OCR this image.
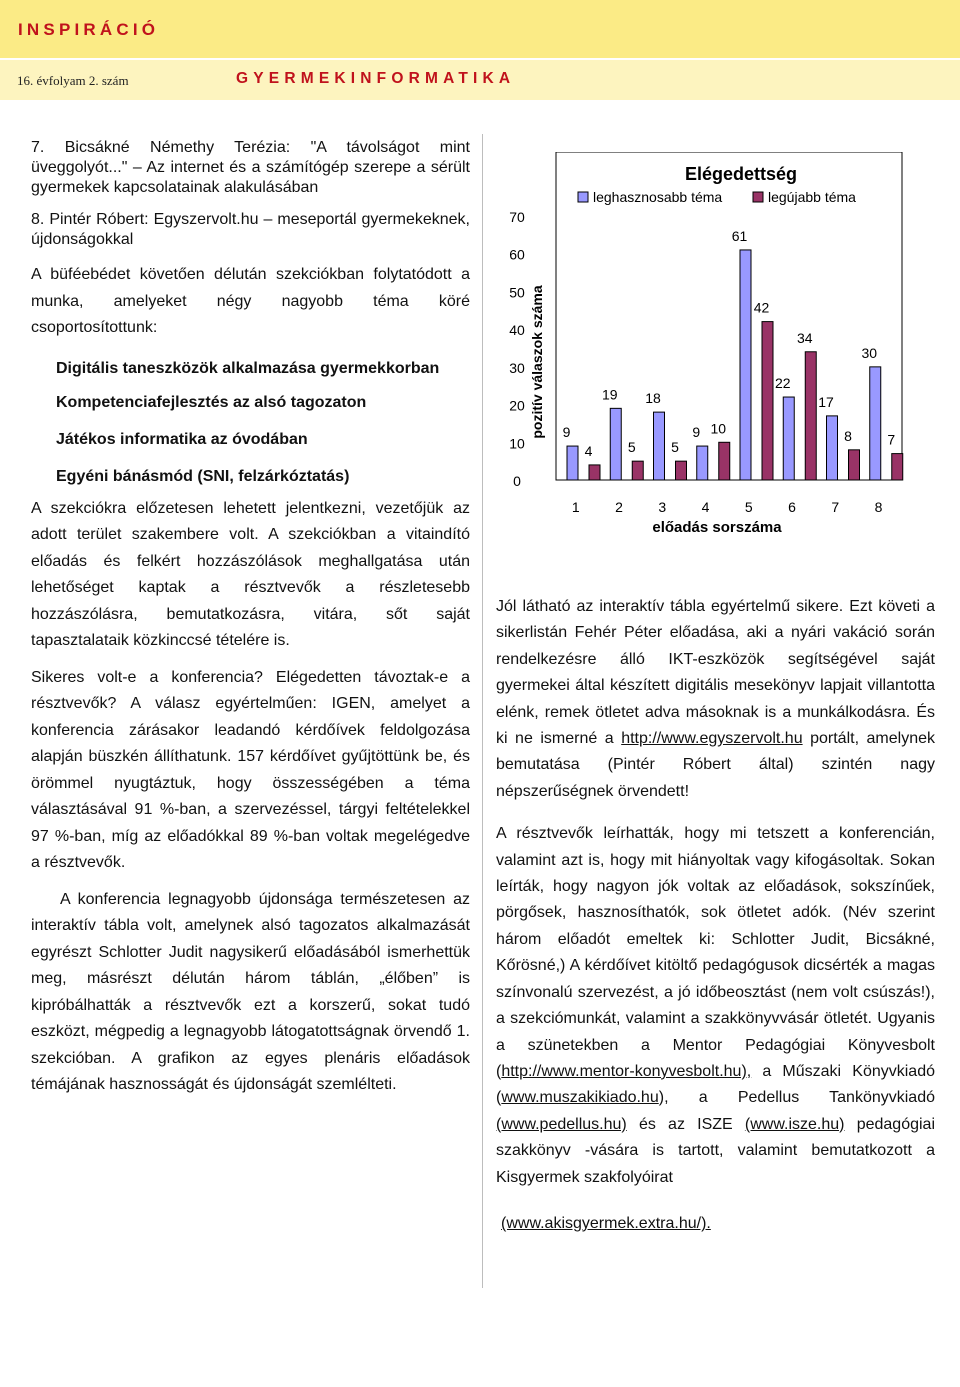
INSPIRÁCIÓ
16. évfolyam 2. szám	GYERMEKINFORMATIKA

7. Bicsákné Némethy Terézia: "A távolságot mint üveggolyót..." – Az internet és a számítógép szerepe a sérült gyermekek kapcsolatainak alakulásában

8. Pintér Róbert: Egyszervolt.hu – meseportál gyermekeknek, újdonságokkal

A büféebédet követően délután szekciókban folytatódott a munka, amelyeket négy nagyobb téma köré csoportosítottunk:

Digitális taneszközök alkalmazása gyermekkorban

Kompetenciafejlesztés az alsó tagozaton

Játékos informatika az óvodában

Egyéni bánásmód (SNI, felzárkóztatás)

A szekciókra előzetesen lehetett jelentkezni, vezetőjük az adott terület szakembere volt. A szekciókban a vitaindító előadás és felkért hozzászólások meghallgatása után lehetőséget kaptak a résztvevők a részletesebb hozzászólásra, bemutatkozásra, vitára, sőt saját tapasztalataik közkinccsé tételére is.

Sikeres volt-e a konferencia? Elégedetten távoztak-e a résztvevők? A válasz egyértelműen: IGEN, amelyet a konferencia zárásakor leadandó kérdőívek feldolgozása alapján büszkén állíthatunk. 157 kérdőívet gyűjtöttünk be, és örömmel nyugtáztuk, hogy összességében a téma választásával 91 %-ban, a szervezéssel, tárgyi feltételekkel 97 %-ban, míg az előadókkal 89 %-ban voltak megelégedve a résztvevők.

A konferencia legnagyobb újdonsága természetesen az interaktív tábla volt, amelynek alsó tagozatos alkalmazását egyrészt Schlotter Judit nagysikerű előadásából ismerhettük meg, másrészt délután három táblán, „élőben” is kipróbálhatták a résztvevők ezt a korszerű, sokat tudó eszközt, mégpedig a legnagyobb látogatottságnak örvendő 1. szekcióban. A grafikon az egyes plenáris előadások témájának hasznosságát és újdonságát szemlélteti.

Elégedettség
leghasznosabb téma	legújabb téma
pozitív válaszok száma
előadás sorszáma
0
10
20
30
40
50
60
70
1
9
4
2
19
5
3
18
5
4
9 10
5
61
42
6
22
34
7
17
8
8
30
7

Jól látható az interaktív tábla egyértelmű sikere. Ezt követi a sikerlistán Fehér Péter előadása, aki a nyári vakáció során rendelkezésre álló IKT-eszközök segítségével saját gyermekei által készített digitális mesekönyv lapjait villantotta elénk, remek ötletet adva másoknak is a munkálkodásra. És ki ne ismerné a http://www.egyszervolt.hu portált, amelynek bemutatása (Pintér Róbert által) szintén nagy népszerűségnek örvendett!

A résztvevők leírhatták, hogy mi tetszett a konferencián, valamint azt is, hogy mit hiányoltak vagy kifogásoltak. Sokan leírták, hogy nagyon jók voltak az előadások, sokszínűek, pörgősek, hasznosíthatók, sok ötletet adók. (Név szerint három előadót emeltek ki: Schlotter Judit, Bicsákné, Kőrösné,) A kérdőívet kitöltő pedagógusok dicsérték a magas színvonalú szervezést, a jó időbeosztást (nem volt csúszás!), a szekciómunkát, valamint a szakkönyvvásár ötletét. Ugyanis a szünetekben a Mentor Pedagógiai Könyvesbolt (http://www.mentor-konyvesbolt.hu), a Műszaki Könyvkiadó (www.muszakikiado.hu), a Pedellus Tankönyvkiadó (www.pedellus.hu) és az ISZE (www.isze.hu) pedagógiai szakkönyv -vására is tartott, valamint bemutatkozott a Kisgyermek szakfolyóirat

(www.akisgyermek.extra.hu/).
